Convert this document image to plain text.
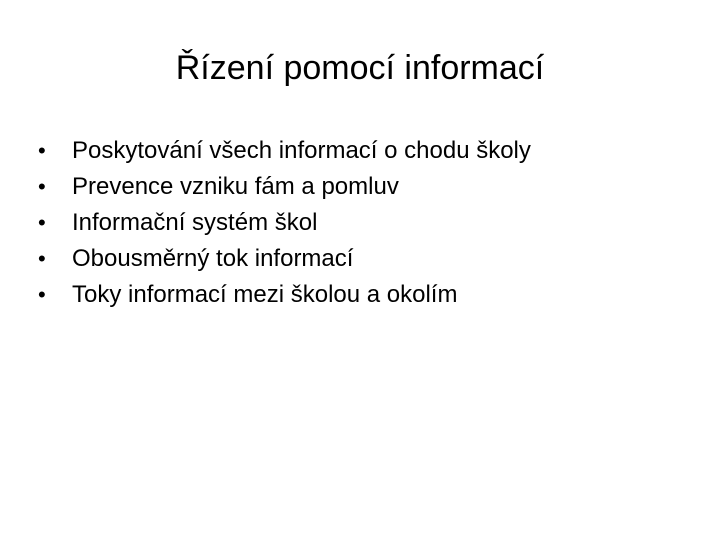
Řízení pomocí informací
•	Poskytování všech informací o chodu školy
•	Prevence vzniku fám a pomluv
•	Informační systém škol
•	Obousměrný tok informací
•	Toky informací mezi školou a okolím
